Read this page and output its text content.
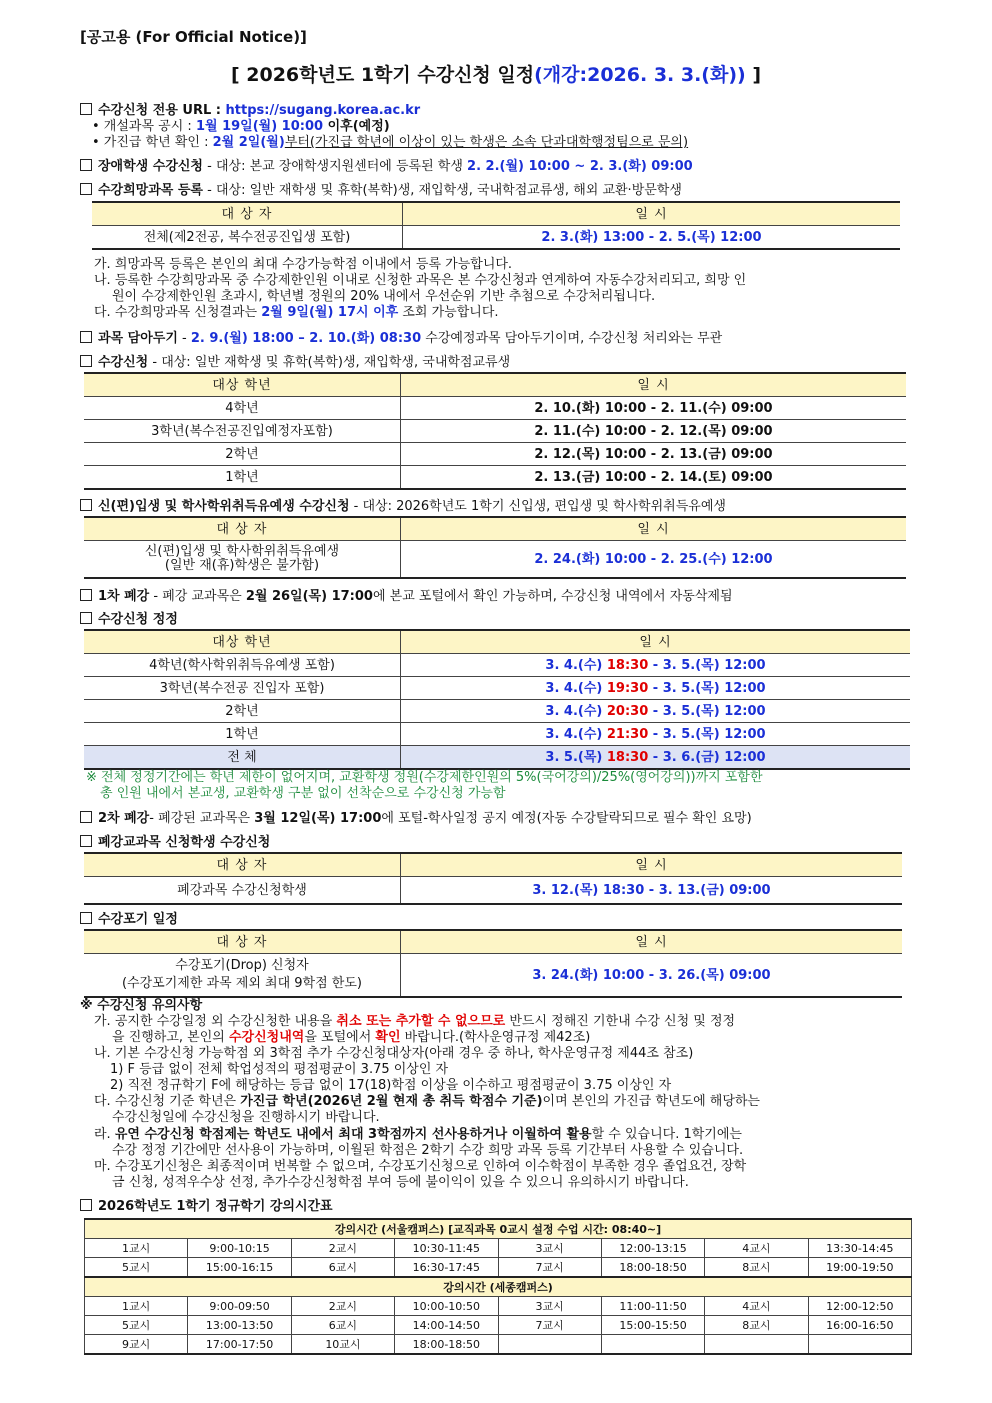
[공고용 (For Official Notice)]
[ 2026학년도 1학기 수강신청 일정(개강:2026. 3. 3.(화)) ]
수강신청 전용 URL : https://sugang.korea.ac.kr
• 개설과목 공시 : 1월 19일(월) 10:00 이후(예정)
• 가진급 학년 확인 : 2월 2일(월)부터(가진급 학년에 이상이 있는 학생은 소속 단과대학행정팀으로 문의)
장애학생 수강신청 - 대상: 본교 장애학생지원센터에 등록된 학생 2. 2.(월) 10:00 ~ 2. 3.(화) 09:00
수강희망과목 등록 - 대상: 일반 재학생 및 휴학(복학)생, 재입학생, 국내학점교류생, 해외 교환·방문학생
대 상 자	일 시
전체(제2전공, 복수전공진입생 포함)	2. 3.(화) 13:00 - 2. 5.(목) 12:00
가. 희망과목 등록은 본인의 최대 수강가능학점 이내에서 등록 가능합니다.
나. 등록한 수강희망과목 중 수강제한인원 이내로 신청한 과목은 본 수강신청과 연계하여 자동수강처리되고, 희망 인
원이 수강제한인원 초과시, 학년별 정원의 20% 내에서 우선순위 기반 추첨으로 수강처리됩니다.
다. 수강희망과목 신청결과는 2월 9일(월) 17시 이후 조회 가능합니다.
과목 담아두기 - 2. 9.(월) 18:00 – 2. 10.(화) 08:30 수강예정과목 담아두기이며, 수강신청 처리와는 무관
수강신청 - 대상: 일반 재학생 및 휴학(복학)생, 재입학생, 국내학점교류생
대상 학년	일 시
4학년	2. 10.(화) 10:00 - 2. 11.(수) 09:00
3학년(복수전공진입예정자포함)	2. 11.(수) 10:00 - 2. 12.(목) 09:00
2학년	2. 12.(목) 10:00 - 2. 13.(금) 09:00
1학년	2. 13.(금) 10:00 - 2. 14.(토) 09:00
신(편)입생 및 학사학위취득유예생 수강신청 - 대상: 2026학년도 1학기 신입생, 편입생 및 학사학위취득유예생
대 상 자	일 시
신(편)입생 및 학사학위취득유예생
(일반 재(휴)학생은 불가함)	2. 24.(화) 10:00 - 2. 25.(수) 12:00
1차 폐강 - 폐강 교과목은 2월 26일(목) 17:00에 본교 포털에서 확인 가능하며, 수강신청 내역에서 자동삭제됨
수강신청 정정
대상 학년	일 시
4학년(학사학위취득유예생 포함)	3. 4.(수) 18:30 - 3. 5.(목) 12:00
3학년(복수전공 진입자 포함)	3. 4.(수) 19:30 - 3. 5.(목) 12:00
2학년	3. 4.(수) 20:30 - 3. 5.(목) 12:00
1학년	3. 4.(수) 21:30 - 3. 5.(목) 12:00
전 체	3. 5.(목) 18:30 - 3. 6.(금) 12:00
※ 전체 정정기간에는 학년 제한이 없어지며, 교환학생 정원(수강제한인원의 5%(국어강의)/25%(영어강의))까지 포함한
총 인원 내에서 본교생, 교환학생 구분 없이 선착순으로 수강신청 가능함
2차 폐강- 폐강된 교과목은 3월 12일(목) 17:00에 포털-학사일정 공지 예정(자동 수강탈락되므로 필수 확인 요망)
폐강교과목 신청학생 수강신청
대 상 자	일 시
폐강과목 수강신청학생	3. 12.(목) 18:30 - 3. 13.(금) 09:00
수강포기 일정
대 상 자	일 시
수강포기(Drop) 신청자
(수강포기제한 과목 제외 최대 9학점 한도)	3. 24.(화) 10:00 - 3. 26.(목) 09:00
※ 수강신청 유의사항
가. 공지한 수강일정 외 수강신청한 내용을 취소 또는 추가할 수 없으므로 반드시 정해진 기한내 수강 신청 및 정정
을 진행하고, 본인의 수강신청내역을 포털에서 확인 바랍니다.(학사운영규정 제42조)
나. 기본 수강신청 가능학점 외 3학점 추가 수강신청대상자(아래 경우 중 하나, 학사운영규정 제44조 참조)
1) F 등급 없이 전체 학업성적의 평점평균이 3.75 이상인 자
2) 직전 정규학기 F에 해당하는 등급 없이 17(18)학점 이상을 이수하고 평점평균이 3.75 이상인 자
다. 수강신청 기준 학년은 가진급 학년(2026년 2월 현재 총 취득 학점수 기준)이며 본인의 가진급 학년도에 해당하는
수강신청일에 수강신청을 진행하시기 바랍니다.
라. 유연 수강신청 학점제는 학년도 내에서 최대 3학점까지 선사용하거나 이월하여 활용할 수 있습니다. 1학기에는
수강 정정 기간에만 선사용이 가능하며, 이월된 학점은 2학기 수강 희망 과목 등록 기간부터 사용할 수 있습니다.
마. 수강포기신청은 최종적이며 번복할 수 없으며, 수강포기신청으로 인하여 이수학점이 부족한 경우 졸업요건, 장학
금 신청, 성적우수상 선정, 추가수강신청학점 부여 등에 불이익이 있을 수 있으니 유의하시기 바랍니다.
2026학년도 1학기 정규학기 강의시간표
강의시간 (서울캠퍼스) [교직과목 0교시 설정 수업 시간: 08:40~]							
1교시	9:00-10:15	2교시	10:30-11:45	3교시	12:00-13:15	4교시	13:30-14:45
5교시	15:00-16:15	6교시	16:30-17:45	7교시	18:00-18:50	8교시	19:00-19:50
강의시간 (세종캠퍼스)							
1교시	9:00-09:50	2교시	10:00-10:50	3교시	11:00-11:50	4교시	12:00-12:50
5교시	13:00-13:50	6교시	14:00-14:50	7교시	15:00-15:50	8교시	16:00-16:50
9교시	17:00-17:50	10교시	18:00-18:50				
